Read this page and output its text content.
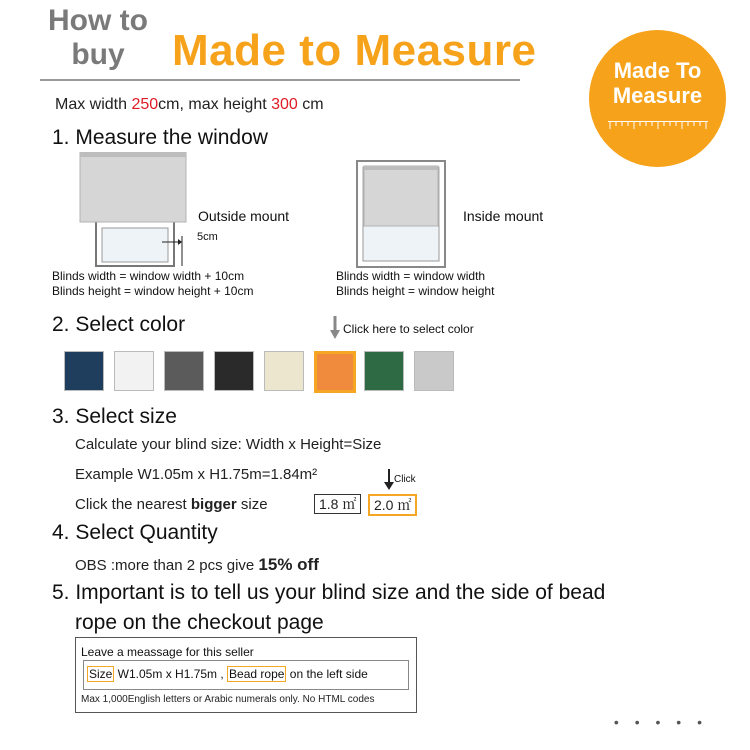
How to
buy	Made to Measure	Made To
Measure
Max width 250cm, max height 300 cm
1. Measure the window
5cm
Outside mount
Blinds width = window width + 10cm
Blinds height = window height + 10cm
Inside mount
Blinds width = window width
Blinds height = window height
2. Select color	Click here to select color
3. Select size
Calculate your blind size: Width x Height=Size
Example W1.05m x H1.75m=1.84m²
Click the nearest bigger size	1.8 ㎡	2.0 ㎡
Click
4. Select Quantity
OBS :more than 2 pcs give 15% off
5. Important is to tell us your blind size and the side of bead
rope on the checkout page
Leave a meassage for this seller
Size W1.05m x H1.75m , Bead rope on the left side
Max 1,000English letters or Arabic numerals only. No HTML codes
• • • • •
